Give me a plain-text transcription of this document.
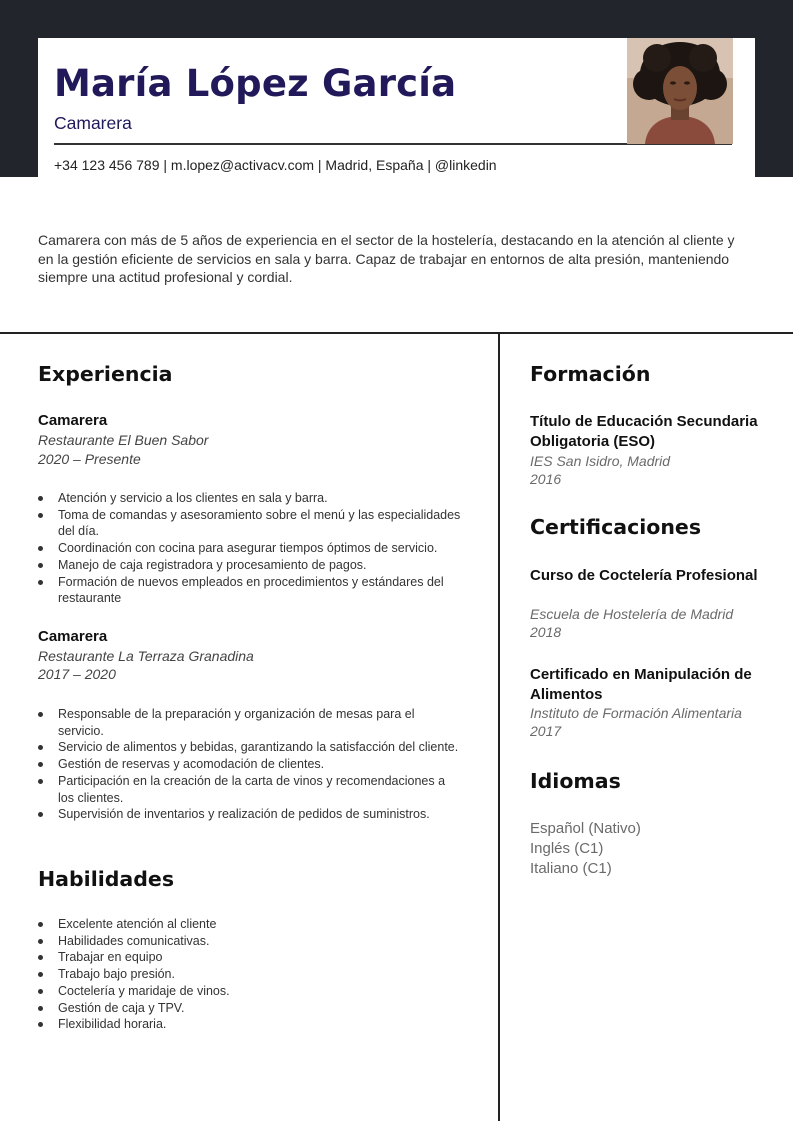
María López García
Camarera
+34 123 456 789 | m.lopez@activacv.com | Madrid, España | @linkedin

Camarera con más de 5 años de experiencia en el sector de la hostelería, destacando en la atención al cliente y en la gestión eficiente de servicios en sala y barra. Capaz de trabajar en entornos de alta presión, manteniendo siempre una actitud profesional y cordial.

Experiencia
Camarera
Restaurante El Buen Sabor
2020 – Presente
Atención y servicio a los clientes en sala y barra.
Toma de comandas y asesoramiento sobre el menú y las especialidades del día.
Coordinación con cocina para asegurar tiempos óptimos de servicio.
Manejo de caja registradora y procesamiento de pagos.
Formación de nuevos empleados en procedimientos y estándares del restaurante
Camarera
Restaurante La Terraza Granadina
2017 – 2020
Responsable de la preparación y organización de mesas para el servicio.
Servicio de alimentos y bebidas, garantizando la satisfacción del cliente.
Gestión de reservas y acomodación de clientes.
Participación en la creación de la carta de vinos y recomendaciones a los clientes.
Supervisión de inventarios y realización de pedidos de suministros.
Habilidades
Excelente atención al cliente
Habilidades comunicativas.
Trabajar en equipo
Trabajo bajo presión.
Coctelería y maridaje de vinos.
Gestión de caja y TPV.
Flexibilidad horaria.
Formación
Título de Educación Secundaria Obligatoria (ESO)
IES San Isidro, Madrid
2016
Certificaciones
Curso de Coctelería Profesional
Escuela de Hostelería de Madrid
2018
Certificado en Manipulación de Alimentos
Instituto de Formación Alimentaria
2017
Idiomas
Español (Nativo)
Inglés (C1)
Italiano (C1)
